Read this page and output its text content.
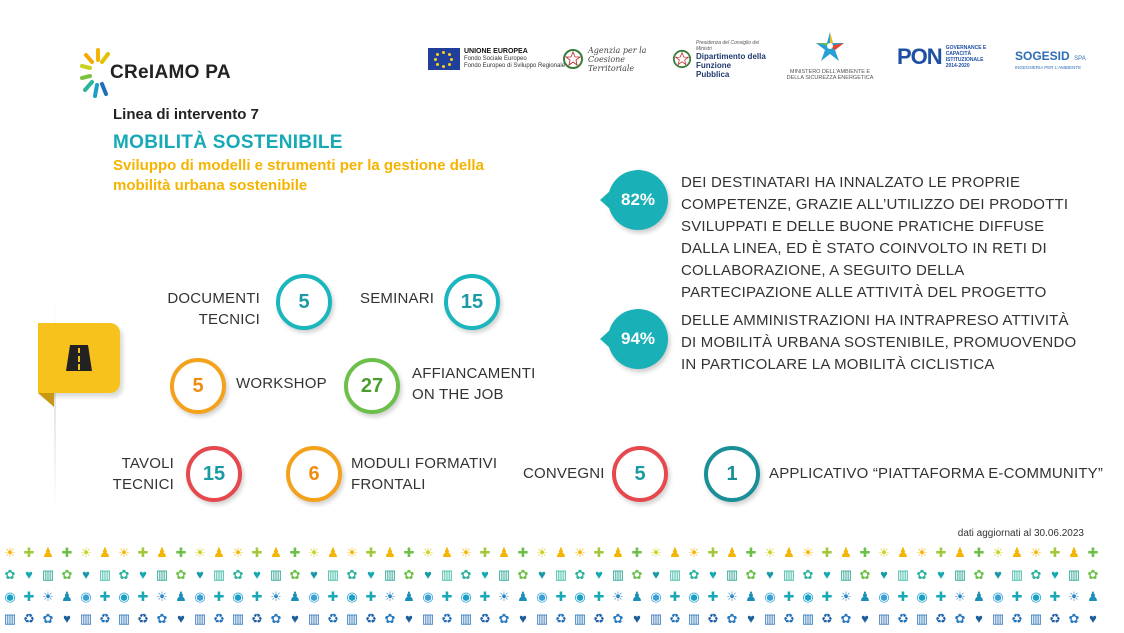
CReIAMO PA
UNIONE EUROPEA
Fondo Sociale Europeo
Fondo Europeo di Sviluppo Regionale
Agenzia per la Coesione Territoriale
Presidenza del Consiglio dei Ministri
Dipartimento della Funzione Pubblica	MINISTERO DELL'AMBIENTE E DELLA SICUREZZA ENERGETICA
PON GOVERNANCE E CAPACITÀ ISTITUZIONALE 2014-2020
SOGESID SPA
INGEGNERIA PER L'AMBIENTE
Linea di intervento 7
MOBILITÀ SOSTENIBILE
Sviluppo di modelli e strumenti per la gestione della mobilità urbana sostenibile
DOCUMENTI
TECNICI
5	SEMINARI	15
5	WORKSHOP	27
AFFIANCAMENTI
ON THE JOB
TAVOLI
TECNICI	15	6	MODULI FORMATIVI
FRONTALI
CONVEGNI	5	1	APPLICATIVO “PIATTAFORMA E-COMMUNITY”
82%
DEI DESTINATARI HA INNALZATO LE PROPRIE COMPETENZE, GRAZIE ALL’UTILIZZO DEI PRODOTTI SVILUPPATI E DELLE BUONE PRATICHE DIFFUSE DALLA LINEA, ED È STATO COINVOLTO IN RETI DI COLLABORAZIONE, A SEGUITO DELLA PARTECIPAZIONE ALLE ATTIVITÀ DEL PROGETTO
94%
DELLE AMMINISTRAZIONI HA INTRAPRESO ATTIVITÀ DI MOBILITÀ URBANA SOSTENIBILE, PROMUOVENDO IN PARTICOLARE LA MOBILITÀ CICLISTICA
dati aggiornati al 30.06.2023
☀ ✚ ♟ ✚ ☀ ♟ ☀ ✚ ♟ ✚ ☀ ♟ ☀ ✚ ♟ ✚ ☀ ♟ ☀ ✚ ♟ ✚ ☀ ♟ ☀ ✚ ♟ ✚ ☀ ♟ ☀ ✚ ♟ ✚ ☀ ♟ ☀ ✚ ♟ ✚ ☀ ♟ ☀ ✚ ♟ ✚ ☀ ♟ ☀ ✚ ♟ ✚ ☀ ♟ ☀ ✚ ♟ ✚
✿ ♥ ▥ ✿ ♥ ▥ ✿ ♥ ▥ ✿ ♥ ▥ ✿ ♥ ▥ ✿ ♥ ▥ ✿ ♥ ▥ ✿ ♥ ▥ ✿ ♥ ▥ ✿ ♥ ▥ ✿ ♥ ▥ ✿ ♥ ▥ ✿ ♥ ▥ ✿ ♥ ▥ ✿ ♥ ▥ ✿ ♥ ▥ ✿ ♥ ▥ ✿ ♥ ▥ ✿ ♥ ▥ ✿
◉ ✚ ☀ ♟ ◉ ✚ ◉ ✚ ☀ ♟ ◉ ✚ ◉ ✚ ☀ ♟ ◉ ✚ ◉ ✚ ☀ ♟ ◉ ✚ ◉ ✚ ☀ ♟ ◉ ✚ ◉ ✚ ☀ ♟ ◉ ✚ ◉ ✚ ☀ ♟ ◉ ✚ ◉ ✚ ☀ ♟ ◉ ✚ ◉ ✚ ☀ ♟ ◉ ✚ ◉ ✚ ☀ ♟
▥ ♻ ✿ ♥ ▥ ♻ ▥ ♻ ✿ ♥ ▥ ♻ ▥ ♻ ✿ ♥ ▥ ♻ ▥ ♻ ✿ ♥ ▥ ♻ ▥ ♻ ✿ ♥ ▥ ♻ ▥ ♻ ✿ ♥ ▥ ♻ ▥ ♻ ✿ ♥ ▥ ♻ ▥ ♻ ✿ ♥ ▥ ♻ ▥ ♻ ✿ ♥ ▥ ♻ ▥ ♻ ✿ ♥
